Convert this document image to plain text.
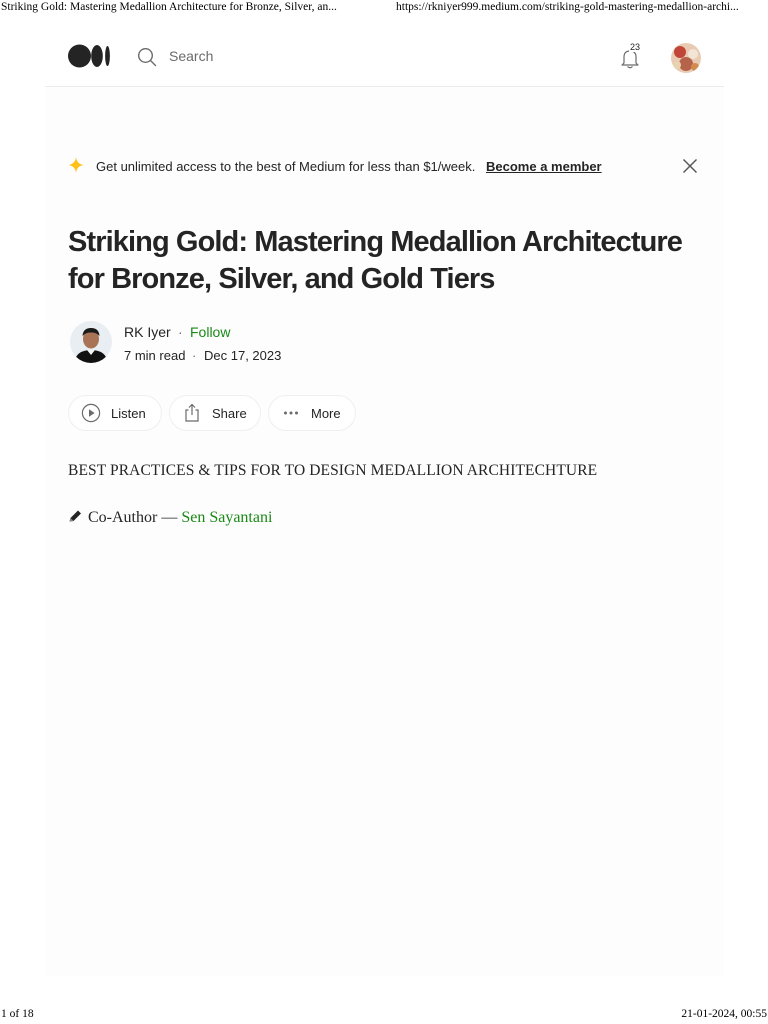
Striking Gold: Mastering Medallion Architecture for Bronze, Silver, an...	https://rkniyer999.medium.com/striking-gold-mastering-medallion-archi...
Search
23
Get unlimited access to the best of Medium for less than $1/week. Become a member
Striking Gold: Mastering Medallion Architecture for Bronze, Silver, and Gold Tiers
RK Iyer · Follow
7 min read · Dec 17, 2023
Listen	Share	More
BEST PRACTICES & TIPS FOR TO DESIGN MEDALLION ARCHITECHTURE
Co-Author — Sen Sayantani
1 of 18	21-01-2024, 00:55
